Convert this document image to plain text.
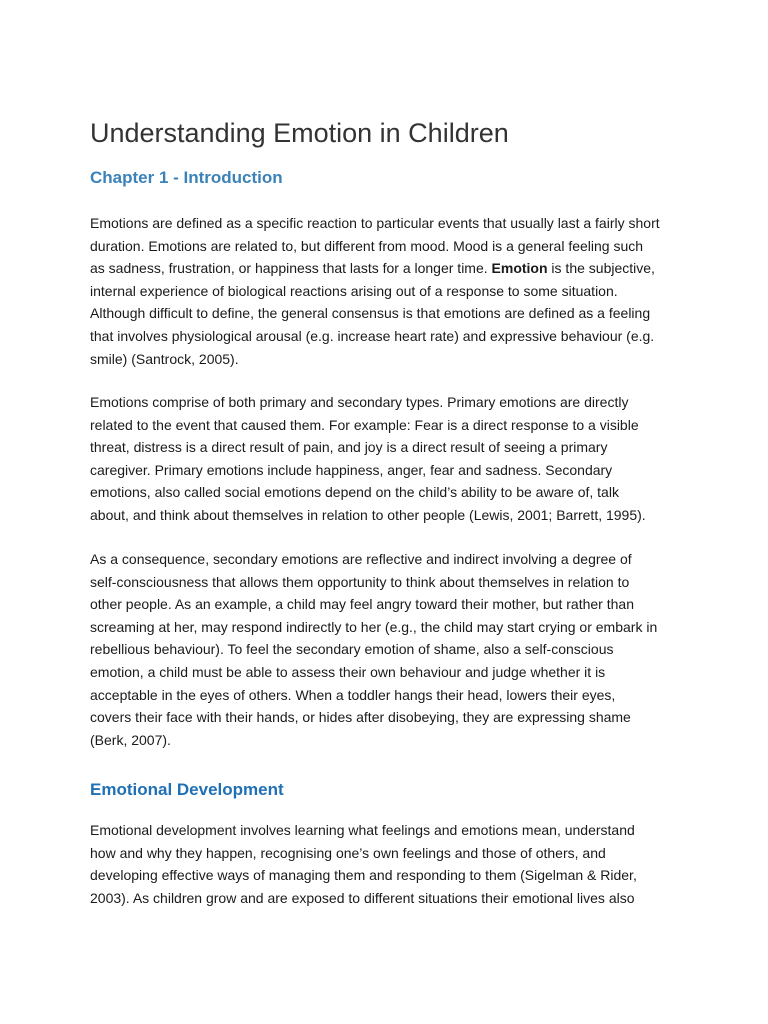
Understanding Emotion in Children
Chapter 1 - Introduction

Emotions are defined as a specific reaction to particular events that usually last a fairly short
duration. Emotions are related to, but different from mood. Mood is a general feeling such
as sadness, frustration, or happiness that lasts for a longer time. Emotion is the subjective,
internal experience of biological reactions arising out of a response to some situation.
Although difficult to define, the general consensus is that emotions are defined as a feeling
that involves physiological arousal (e.g. increase heart rate) and expressive behaviour (e.g.
smile) (Santrock, 2005).

Emotions comprise of both primary and secondary types. Primary emotions are directly
related to the event that caused them. For example: Fear is a direct response to a visible
threat, distress is a direct result of pain, and joy is a direct result of seeing a primary
caregiver. Primary emotions include happiness, anger, fear and sadness. Secondary
emotions, also called social emotions depend on the child’s ability to be aware of, talk
about, and think about themselves in relation to other people (Lewis, 2001; Barrett, 1995).

As a consequence, secondary emotions are reflective and indirect involving a degree of
self-consciousness that allows them opportunity to think about themselves in relation to
other people. As an example, a child may feel angry toward their mother, but rather than
screaming at her, may respond indirectly to her (e.g., the child may start crying or embark in
rebellious behaviour). To feel the secondary emotion of shame, also a self-conscious
emotion, a child must be able to assess their own behaviour and judge whether it is
acceptable in the eyes of others. When a toddler hangs their head, lowers their eyes,
covers their face with their hands, or hides after disobeying, they are expressing shame
(Berk, 2007).

Emotional Development

Emotional development involves learning what feelings and emotions mean, understand
how and why they happen, recognising one’s own feelings and those of others, and
developing effective ways of managing them and responding to them (Sigelman & Rider,
2003). As children grow and are exposed to different situations their emotional lives also
